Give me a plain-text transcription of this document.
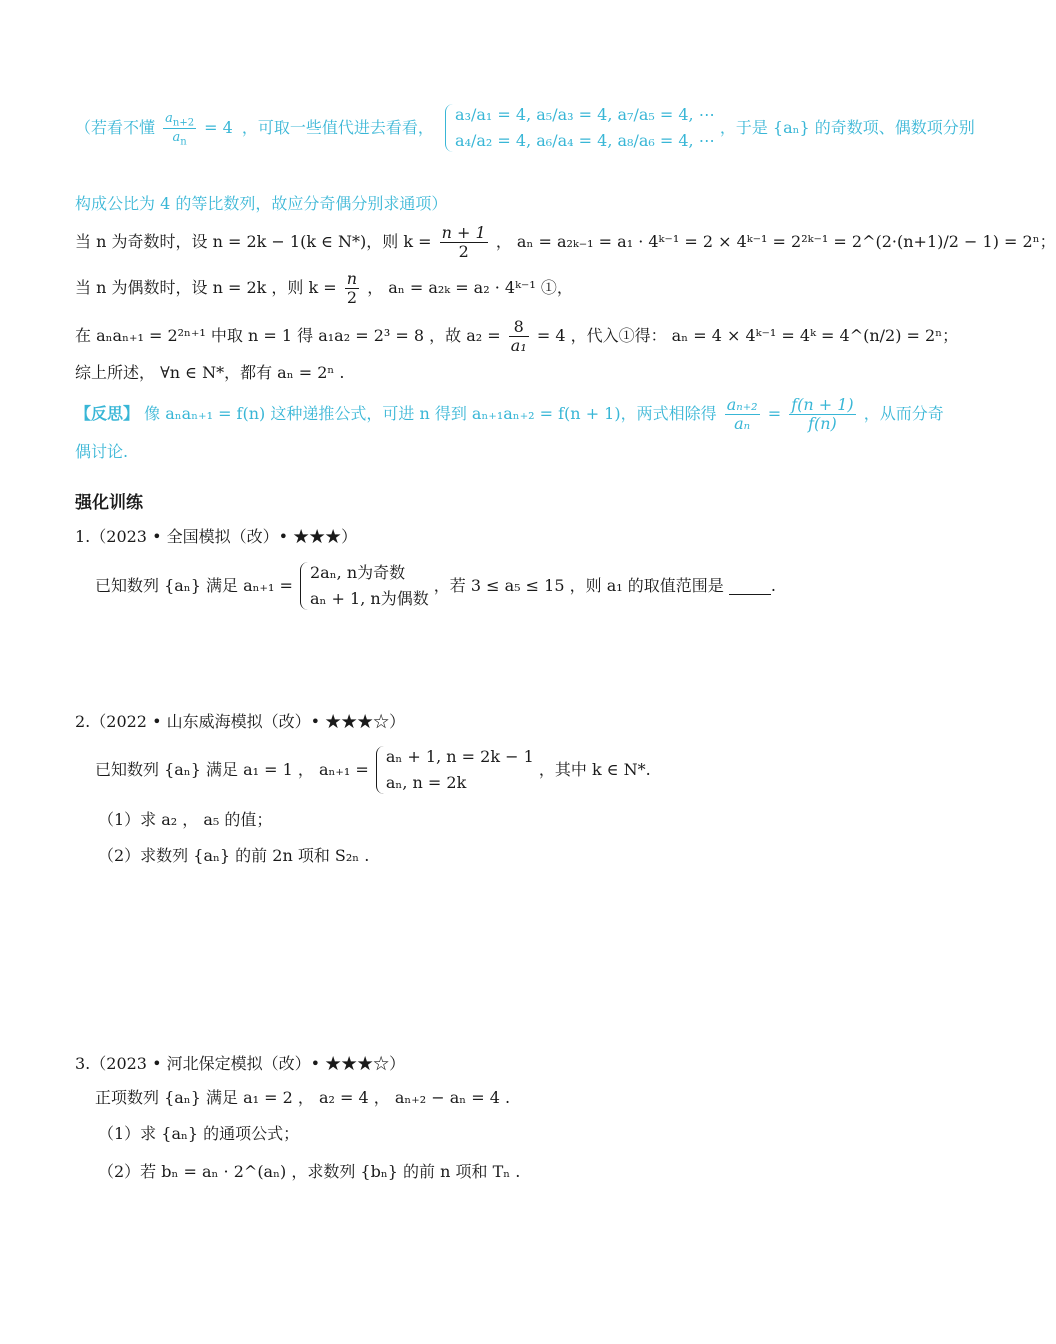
（若看不懂 $\frac{a_{n+2}}{a_n} = 4$ ，可取一些值代进去看看，
a₃/a₁ = 4, a₅/a₃ = 4, a₇/a₅ = 4, ⋯
a₄/a₂ = 4, a₆/a₄ = 4, a₈/a₆ = 4, ⋯
，于是 {aₙ} 的奇数项、偶数项分别
构成公比为 4 的等比数列，故应分奇偶分别求通项）
当 n 为奇数时，设 n = 2k − 1(k ∈ N*)，则 $k = \frac{n + 1}{2}$ ， aₙ = a₂ₖ₋₁ = a₁ · 4ᵏ⁻¹ = 2 × 4ᵏ⁻¹ = 2²ᵏ⁻¹ = 2^(2·(n+1)/2 − 1) = 2ⁿ；
当 n 为偶数时，设 n = 2k ，则 $k = \frac{n}{2}$ ， aₙ = a₂ₖ = a₂ · 4ᵏ⁻¹ ①，
在 aₙaₙ₊₁ = 2²ⁿ⁺¹ 中取 n = 1 得 a₁a₂ = 2³ = 8 ，故 $a_2 = \frac{8}{\text{a₁}} = 4$ ，代入①得： aₙ = 4 × 4ᵏ⁻¹ = 4ᵏ = 4^(n/2) = 2ⁿ；
综上所述， ∀n ∈ N*，都有 aₙ = 2ⁿ .
【反思】 像 aₙaₙ₊₁ = f(n) 这种递推公式，可进 n 得到 aₙ₊₁aₙ₊₂ = f(n + 1)，两式相除得 $\frac{\text{aₙ₊₂}}{\text{aₙ}} = \frac{f(n + 1)}{f(n)}$ ，从而分奇
偶讨论.
强化训练
1.（2023 • 全国模拟（改）• ★★★）
已知数列 {aₙ} 满足 aₙ₊₁ =
2aₙ, n为奇数
aₙ + 1, n为偶数
，若 3 ≤ a₅ ≤ 15 ，则 a₁ 的取值范围是	.
2.（2022 • 山东威海模拟（改）• ★★★☆）
已知数列 {aₙ} 满足 a₁ = 1 ， aₙ₊₁ =
aₙ + 1, n = 2k − 1
aₙ, n = 2k
，其中 k ∈ N*.
（1）求 a₂ ， a₅ 的值；
（2）求数列 {aₙ} 的前 2n 项和 S₂ₙ .
3.（2023 • 河北保定模拟（改）• ★★★☆）
正项数列 {aₙ} 满足 a₁ = 2 ， a₂ = 4 ， aₙ₊₂ − aₙ = 4 .
（1）求 {aₙ} 的通项公式；
（2）若 bₙ = aₙ · 2^(aₙ) ，求数列 {bₙ} 的前 n 项和 Tₙ .
